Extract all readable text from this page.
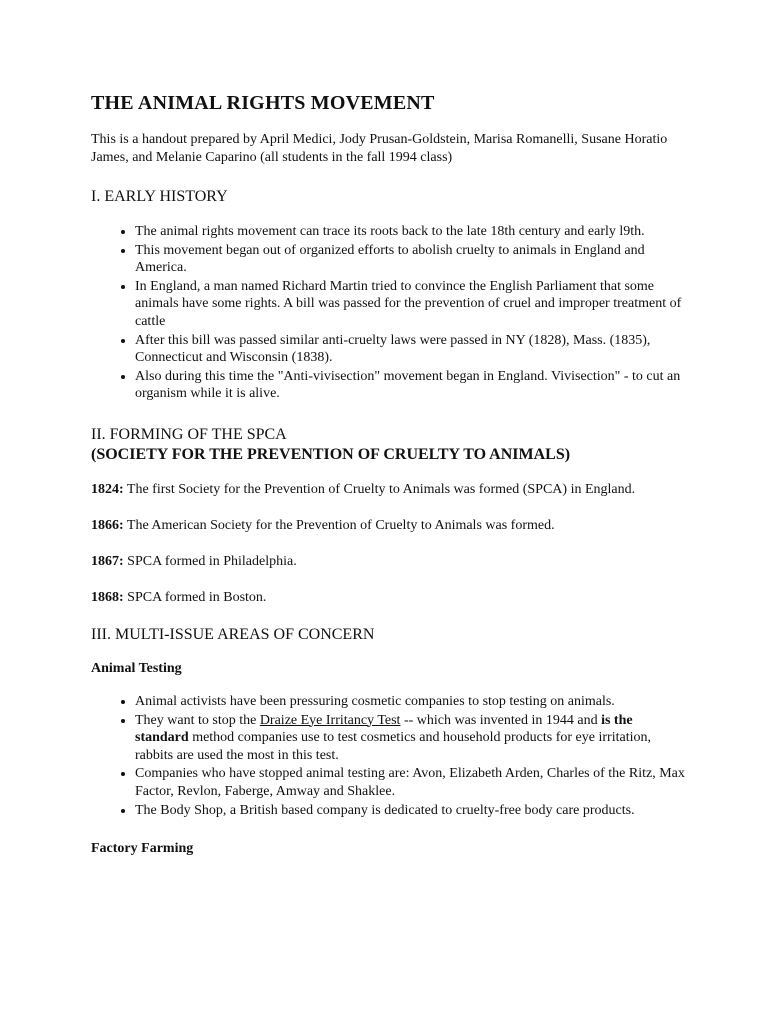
THE ANIMAL RIGHTS MOVEMENT

This is a handout prepared by April Medici, Jody Prusan-Goldstein, Marisa Romanelli, Susane Horatio James, and Melanie Caparino (all students in the fall 1994 class)

I. EARLY HISTORY
• The animal rights movement can trace its roots back to the late 18th century and early l9th.
• This movement began out of organized efforts to abolish cruelty to animals in England and America.
• In England, a man named Richard Martin tried to convince the English Parliament that some animals have some rights. A bill was passed for the prevention of cruel and improper treatment of cattle
• After this bill was passed similar anti-cruelty laws were passed in NY (1828), Mass. (1835), Connecticut and Wisconsin (1838).
• Also during this time the "Anti-vivisection" movement began in England. Vivisection" - to cut an organism while it is alive.
II. FORMING OF THE SPCA
(SOCIETY FOR THE PREVENTION OF CRUELTY TO ANIMALS)

1824: The first Society for the Prevention of Cruelty to Animals was formed (SPCA) in England.

1866: The American Society for the Prevention of Cruelty to Animals was formed.

1867: SPCA formed in Philadelphia.

1868: SPCA formed in Boston.

III. MULTI-ISSUE AREAS OF CONCERN
Animal Testing
• Animal activists have been pressuring cosmetic companies to stop testing on animals.
• They want to stop the Draize Eye Irritancy Test -- which was invented in 1944 and is the standard method companies use to test cosmetics and household products for eye irritation, rabbits are used the most in this test.
• Companies who have stopped animal testing are: Avon, Elizabeth Arden, Charles of the Ritz, Max Factor, Revlon, Faberge, Amway and Shaklee.
• The Body Shop, a British based company is dedicated to cruelty-free body care products.
Factory Farming
